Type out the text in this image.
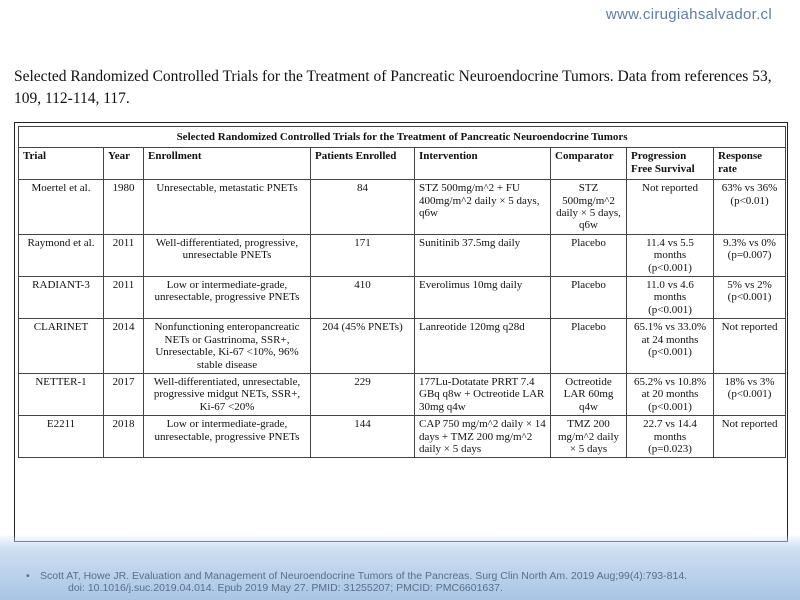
www.cirugiahsalvador.cl
Selected Randomized Controlled Trials for the Treatment of Pancreatic Neuroendocrine Tumors. Data from references 53, 109, 112-114, 117.
Selected Randomized Controlled Trials for the Treatment of Pancreatic Neuroendocrine Tumors							
Trial	Year	Enrollment	Patients Enrolled	Intervention	Comparator	Progression Free Survival	Response rate
Moertel et al.	1980	Unresectable, metastatic PNETs	84	STZ 500mg/m^2 + FU 400mg/m^2 daily × 5 days, q6w	STZ 500mg/m^2 daily × 5 days, q6w	Not reported	63% vs 36% (p<0.01)
Raymond et al.	2011	Well-differentiated, progressive, unresectable PNETs	171	Sunitinib 37.5mg daily	Placebo	11.4 vs 5.5 months (p<0.001)	9.3% vs 0% (p=0.007)
RADIANT-3	2011	Low or intermediate-grade, unresectable, progressive PNETs	410	Everolimus 10mg daily	Placebo	11.0 vs 4.6 months (p<0.001)	5% vs 2% (p<0.001)
CLARINET	2014	Nonfunctioning enteropancreatic NETs or Gastrinoma, SSR+, Unresectable, Ki-67 <10%, 96% stable disease	204 (45% PNETs)	Lanreotide 120mg q28d	Placebo	65.1% vs 33.0% at 24 months (p<0.001)	Not reported
NETTER-1	2017	Well-differentiated, unresectable, progressive midgut NETs, SSR+, Ki-67 <20%	229	177Lu-Dotatate PRRT 7.4 GBq q8w + Octreotide LAR 30mg q4w	Octreotide LAR 60mg q4w	65.2% vs 10.8% at 20 months (p<0.001)	18% vs 3% (p<0.001)
E2211	2018	Low or intermediate-grade, unresectable, progressive PNETs	144	CAP 750 mg/m^2 daily × 14 days + TMZ 200 mg/m^2 daily × 5 days	TMZ 200 mg/m^2 daily × 5 days	22.7 vs 14.4 months (p=0.023)	Not reported
• Scott AT, Howe JR. Evaluation and Management of Neuroendocrine Tumors of the Pancreas. Surg Clin North Am. 2019 Aug;99(4):793-814.
doi: 10.1016/j.suc.2019.04.014. Epub 2019 May 27. PMID: 31255207; PMCID: PMC6601637.
